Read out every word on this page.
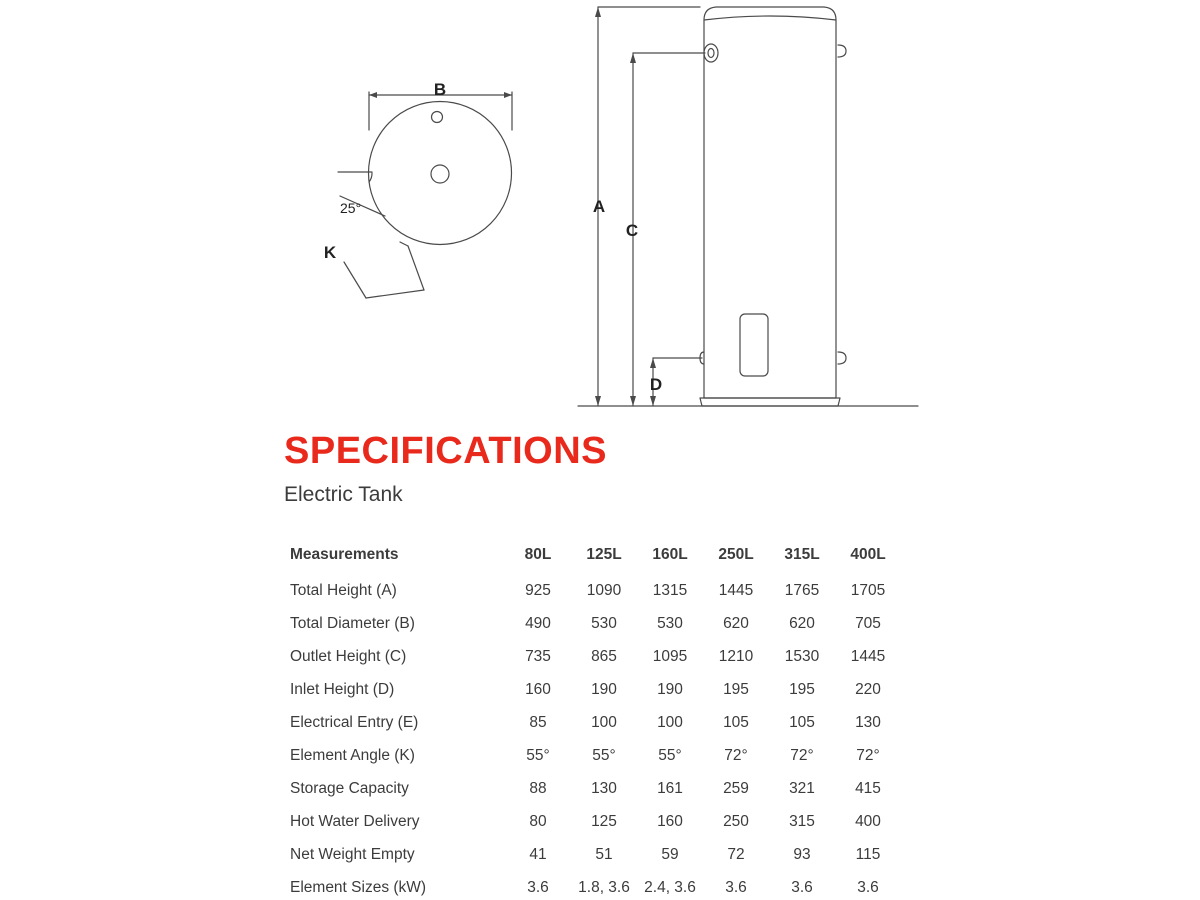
B
25°
K
A
C
D
SPECIFICATIONS

Electric Tank

Measurements	80L	125L	160L	250L	315L	400L
Total Height (A)	925	1090	1315	1445	1765	1705
Total Diameter (B)	490	530	530	620	620	705
Outlet Height (C)	735	865	1095	1210	1530	1445
Inlet Height (D)	160	190	190	195	195	220
Electrical Entry (E)	85	100	100	105	105	130
Element Angle (K)	55°	55°	55°	72°	72°	72°
Storage Capacity	88	130	161	259	321	415
Hot Water Delivery	80	125	160	250	315	400
Net Weight Empty	41	51	59	72	93	115
Element Sizes (kW)	3.6	1.8, 3.6	2.4, 3.6	3.6	3.6	3.6
